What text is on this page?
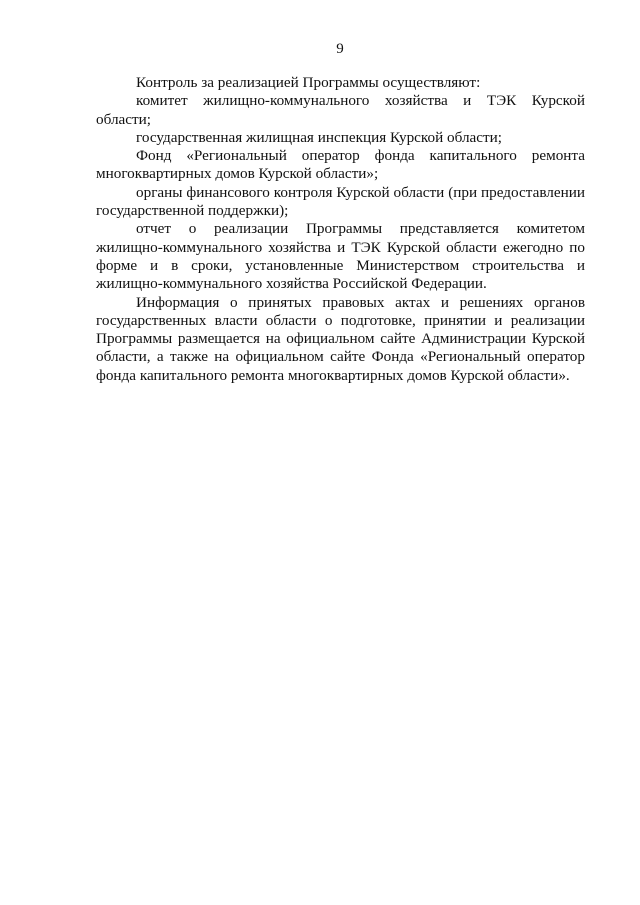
9

Контроль за реализацией Программы осуществляют:

комитет жилищно-коммунального хозяйства и ТЭК Курской области;

государственная жилищная инспекция Курской области;

Фонд «Региональный оператор фонда капитального ремонта многоквартирных домов Курской области»;

органы финансового контроля Курской области (при предоставлении государственной поддержки);

отчет о реализации Программы представляется комитетом жилищно-коммунального хозяйства и ТЭК Курской области ежегодно по форме и в сроки, установленные Министерством строительства и жилищно-коммунального хозяйства Российской Федерации.

Информация о принятых правовых актах и решениях органов государственных власти области о подготовке, принятии и реализации Программы размещается на официальном сайте Администрации Курской области, а также на официальном сайте Фонда «Региональный оператор фонда капитального ремонта многоквартирных домов Курской области».
